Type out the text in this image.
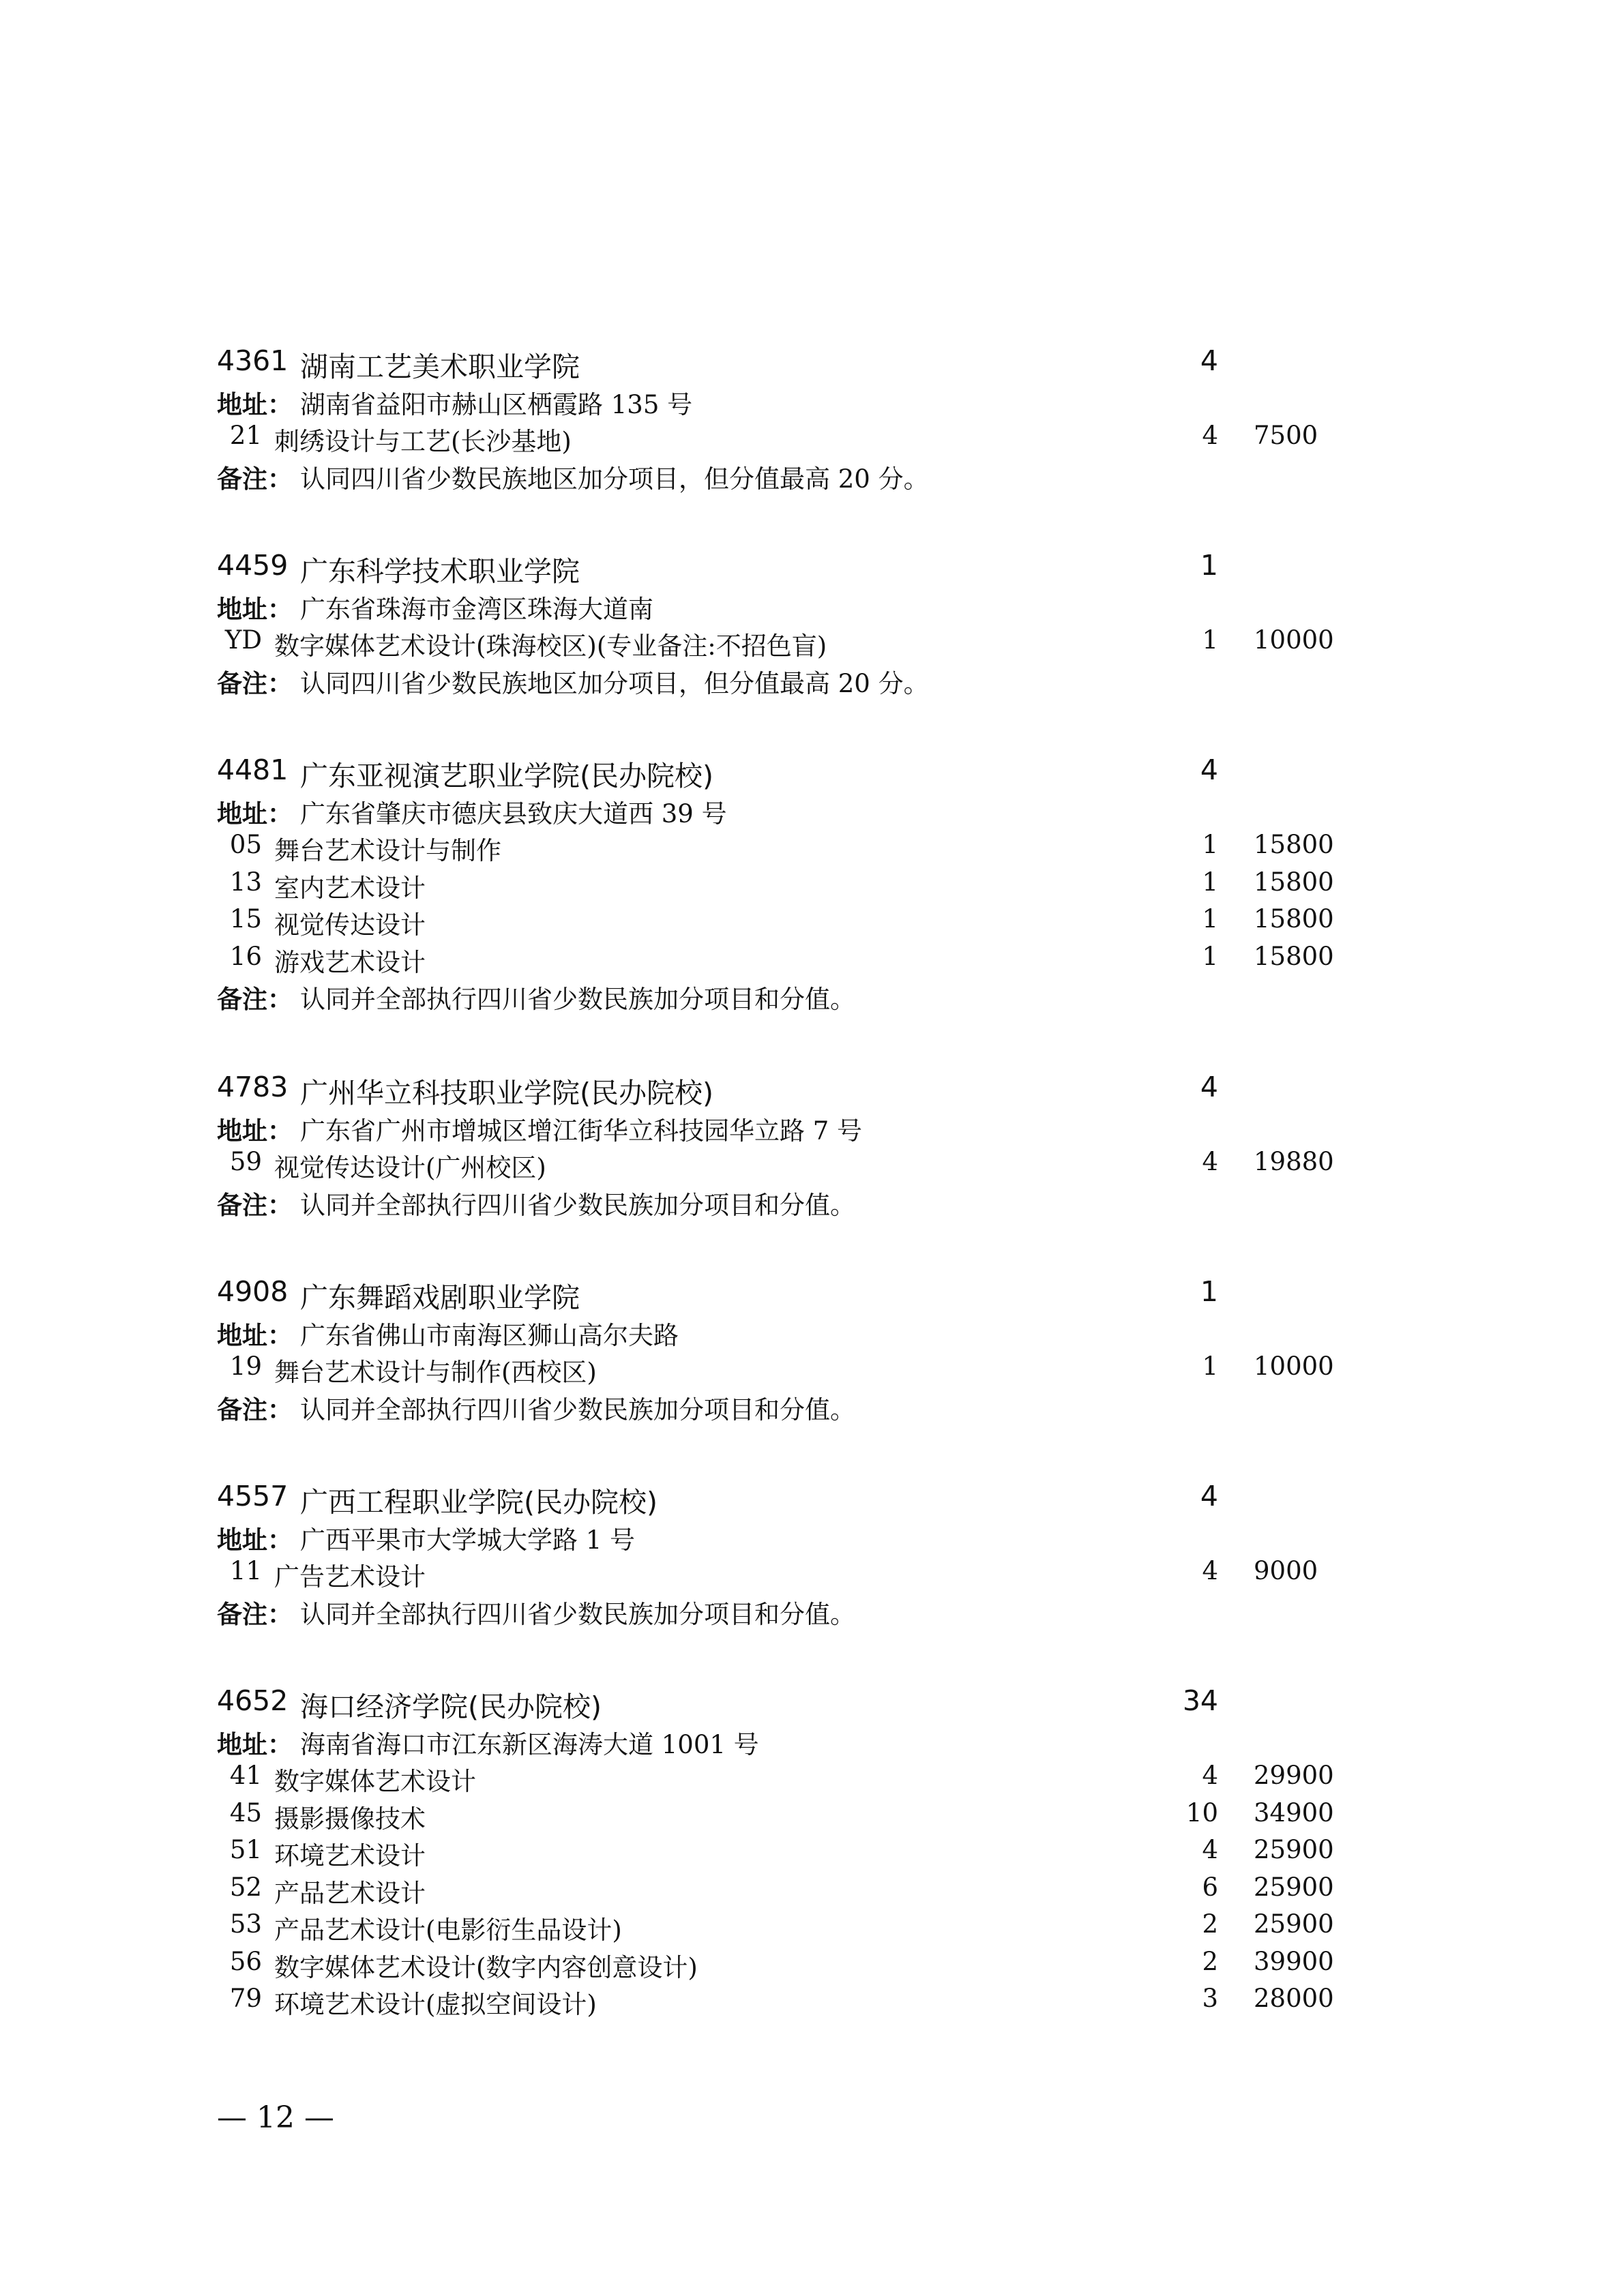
4361 湖南工艺美术职业学院	4
地址： 湖南省益阳市赫山区栖霞路 135 号
21 刺绣设计与工艺(长沙基地)	4 7500
备注： 认同四川省少数民族地区加分项目，但分值最高 20 分。
4459 广东科学技术职业学院	1
地址： 广东省珠海市金湾区珠海大道南
YD 数字媒体艺术设计(珠海校区)(专业备注:不招色盲)	1 10000
备注： 认同四川省少数民族地区加分项目，但分值最高 20 分。
4481 广东亚视演艺职业学院(民办院校)	4
地址： 广东省肇庆市德庆县致庆大道西 39 号
05 舞台艺术设计与制作	1 15800
13 室内艺术设计	1 15800
15 视觉传达设计	1 15800
16 游戏艺术设计	1 15800
备注： 认同并全部执行四川省少数民族加分项目和分值。
4783 广州华立科技职业学院(民办院校)	4
地址： 广东省广州市增城区增江街华立科技园华立路 7 号
59 视觉传达设计(广州校区)	4 19880
备注： 认同并全部执行四川省少数民族加分项目和分值。
4908 广东舞蹈戏剧职业学院	1
地址： 广东省佛山市南海区狮山高尔夫路
19 舞台艺术设计与制作(西校区)	1 10000
备注： 认同并全部执行四川省少数民族加分项目和分值。
4557 广西工程职业学院(民办院校)	4
地址： 广西平果市大学城大学路 1 号
11 广告艺术设计	4 9000
备注： 认同并全部执行四川省少数民族加分项目和分值。
4652 海口经济学院(民办院校)	34
地址： 海南省海口市江东新区海涛大道 1001 号
41 数字媒体艺术设计	4 29900
45 摄影摄像技术	10 34900
51 环境艺术设计	4 25900
52 产品艺术设计	6 25900
53 产品艺术设计(电影衍生品设计)	2 25900
56 数字媒体艺术设计(数字内容创意设计)	2 39900
79 环境艺术设计(虚拟空间设计)	3 28000
— 12 —
